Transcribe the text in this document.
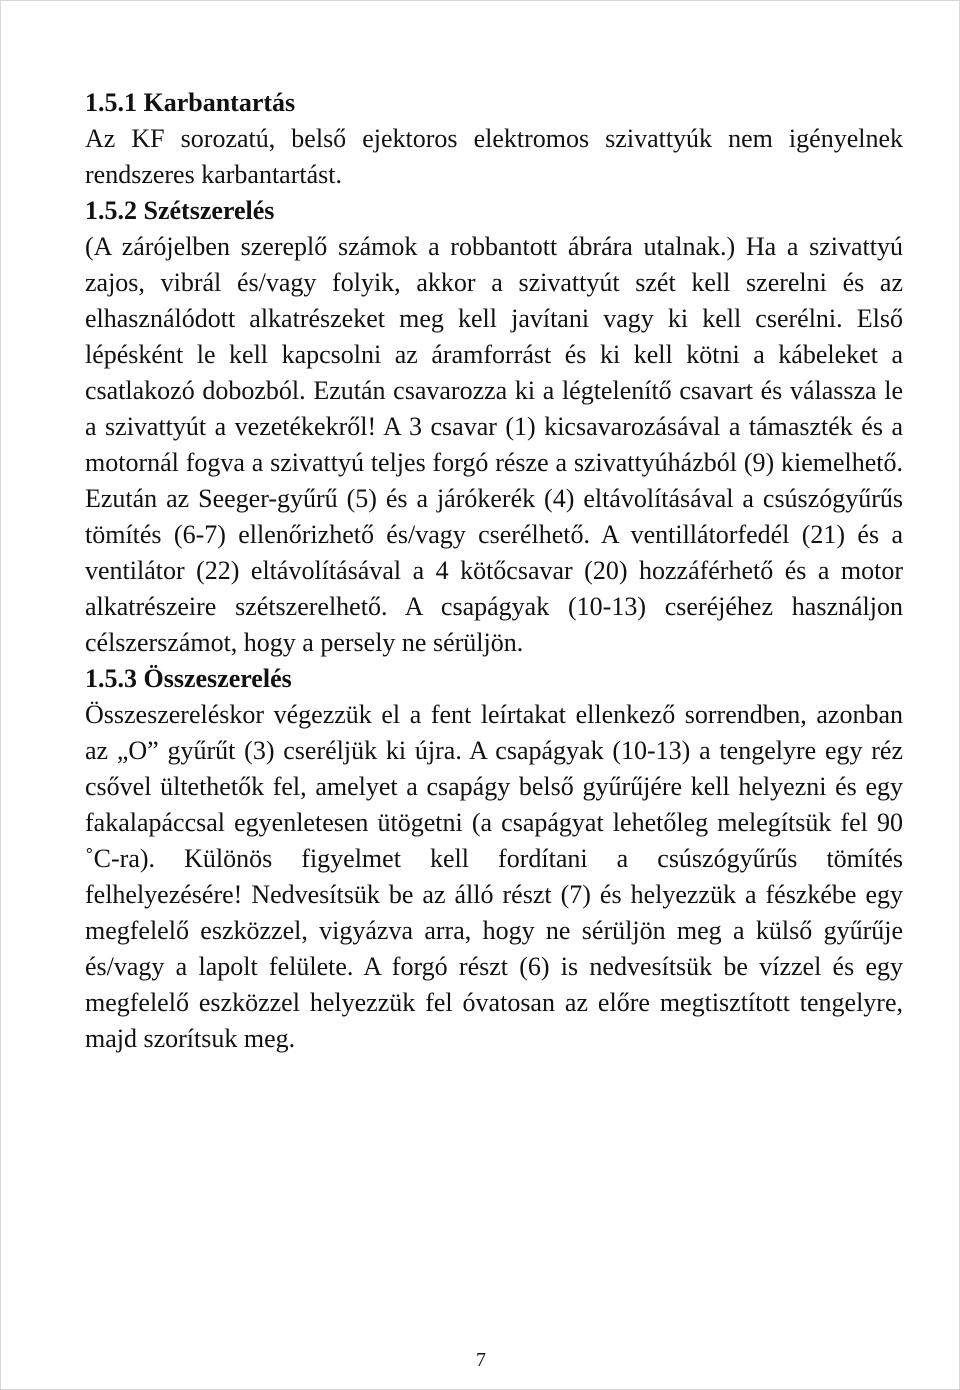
1.5.1 Karbantartás
Az KF sorozatú, belső ejektoros elektromos szivattyúk nem igényelnek rendszeres karbantartást.
1.5.2 Szétszerelés
(A zárójelben szereplő számok a robbantott ábrára utalnak.) Ha a szivattyú zajos, vibrál és/vagy folyik, akkor a szivattyút szét kell szerelni és az elhasználódott alkatrészeket meg kell javítani vagy ki kell cserélni. Első lépésként le kell kapcsolni az áramforrást és ki kell kötni a kábeleket a csatlakozó dobozból. Ezután csavarozza ki a légtelenítő csavart és válassza le a szivattyút a vezetékekről! A 3 csavar (1) kicsavarozásával a támaszték és a motornál fogva a szivattyú teljes forgó része a szivattyúházból (9) kiemelhető. Ezután az Seeger-gyűrű (5) és a járókerék (4) eltávolításával a csúszógyűrűs tömítés (6-7) ellenőrizhető és/vagy cserélhető. A ventillátorfedél (21) és a ventilátor (22) eltávolításával a 4 kötőcsavar (20) hozzáférhető és a motor alkatrészeire szétszerelhető. A csapágyak (10-13) cseréjéhez használjon célszerszámot, hogy a persely ne sérüljön.
1.5.3 Összeszerelés
Összeszereléskor végezzük el a fent leírtakat ellenkező sorrendben, azonban az „O” gyűrűt (3) cseréljük ki újra. A csapágyak (10-13) a tengelyre egy réz csővel ültethetők fel, amelyet a csapágy belső gyűrűjére kell helyezni és egy fakalapáccsal egyenletesen ütögetni (a csapágyat lehetőleg melegítsük fel 90 ˚C-ra). Különös figyelmet kell fordítani a csúszógyűrűs tömítés felhelyezésére! Nedvesítsük be az álló részt (7) és helyezzük a fészkébe egy megfelelő eszközzel, vigyázva arra, hogy ne sérüljön meg a külső gyűrűje és/vagy a lapolt felülete. A forgó részt (6) is nedvesítsük be vízzel és egy megfelelő eszközzel helyezzük fel óvatosan az előre megtisztított tengelyre, majd szorítsuk meg.
7
